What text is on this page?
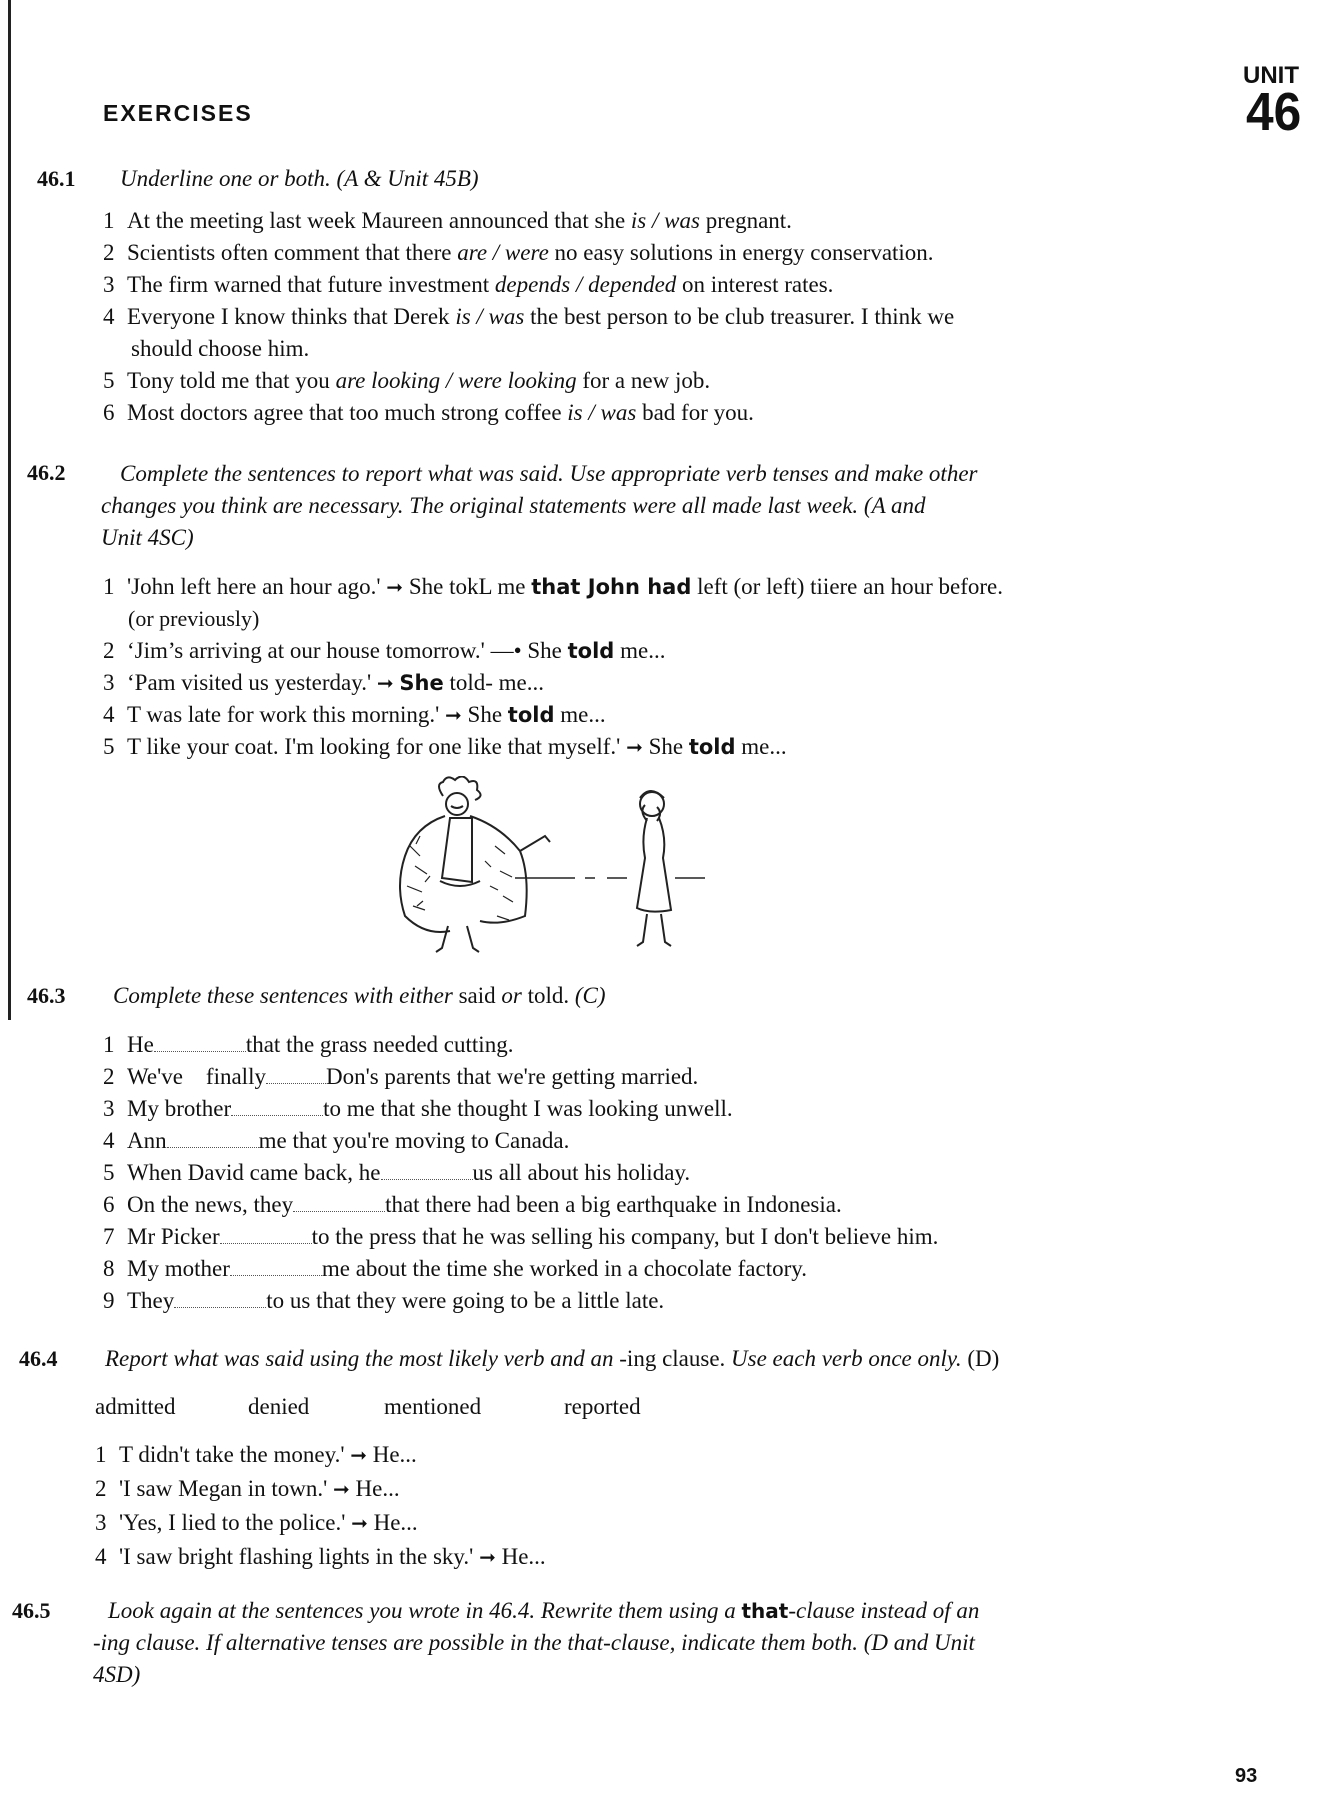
EXERCISES
UNIT
46
46.1 Underline one or both. (A & Unit 45B)
1 At the meeting last week Maureen announced that she is / was pregnant.
2 Scientists often comment that there are / were no easy solutions in energy conservation.
3 The firm warned that future investment depends / depended on interest rates.
4 Everyone I know thinks that Derek is / was the best person to be club treasurer. I think we
should choose him.
5 Tony told me that you are looking / were looking for a new job.
6 Most doctors agree that too much strong coffee is / was bad for you.
46.2 Complete the sentences to report what was said. Use appropriate verb tenses and make other
changes you think are necessary. The original statements were all made last week. (A and
Unit 4SC)
1 'John left here an hour ago.' ➞ She tokL me that John had left (or left) tiiere an hour before.
(or previously)
2 ‘Jim’s arriving at our house tomorrow.' —• She told me...
3 ‘Pam visited us yesterday.' ➞ She told- me...
4 T was late for work this morning.' ➞ She told me...
5 T like your coat. I'm looking for one like that myself.' ➞ She told me...
46.3 Complete these sentences with either said or told. (C)
1 He	that the grass needed cutting.
2 We've    finally	Don's parents that we're getting married.
3 My brother	to me that she thought I was looking unwell.
4 Ann	me that you're moving to Canada.
5 When David came back, he	us all about his holiday.
6 On the news, they	that there had been a big earthquake in Indonesia.
7 Mr Picker	to the press that he was selling his company, but I don't believe him.
8 My mother	me about the time she worked in a chocolate factory.
9 They	to us that they were going to be a little late.
46.4 Report what was said using the most likely verb and an -ing clause. Use each verb once only. (D)
admitted	denied	mentioned	reported
1 T didn't take the money.' ➞ He...
2 'I saw Megan in town.' ➞ He...
3 'Yes, I lied to the police.' ➞ He...
4 'I saw bright flashing lights in the sky.' ➞ He...
46.5	Look again at the sentences you wrote in 46.4. Rewrite them using a that-clause instead of an
-ing clause. If alternative tenses are possible in the that-clause, indicate them both. (D and Unit
4SD)
93
